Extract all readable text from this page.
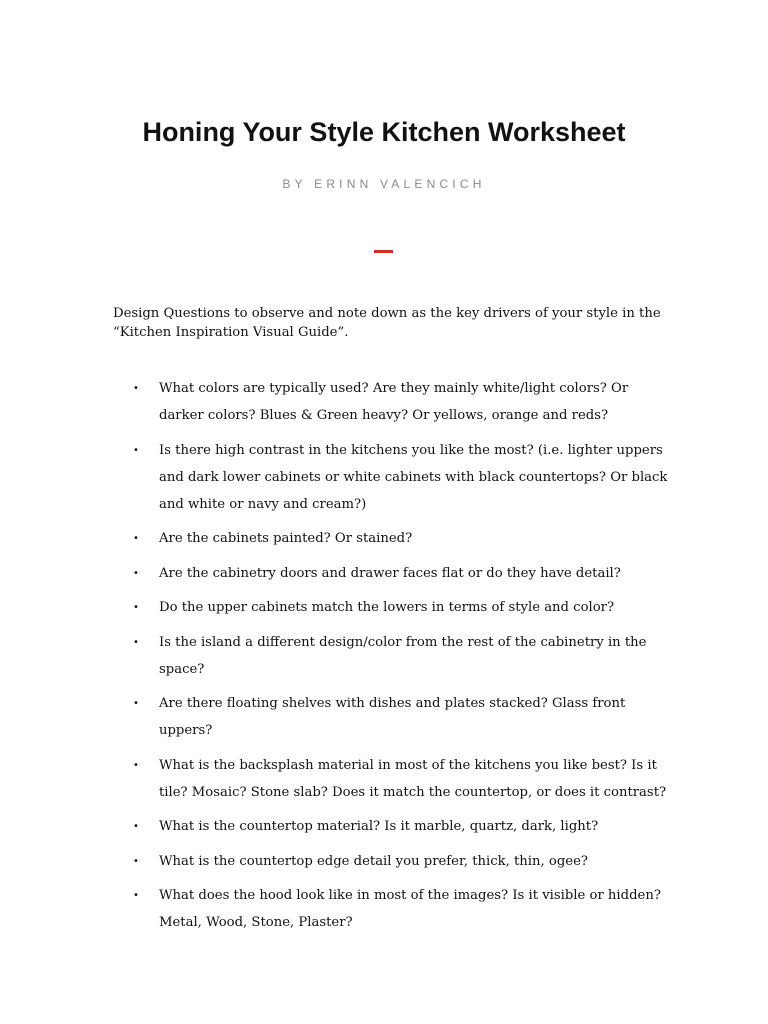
Honing Your Style Kitchen Worksheet
BY ERINN VALENCICH

Design Questions to observe and note down as the key drivers of your style in the “Kitchen Inspiration Visual Guide”.

• What colors are typically used? Are they mainly white/light colors? Or darker colors? Blues & Green heavy? Or yellows, orange and reds?
• Is there high contrast in the kitchens you like the most? (i.e. lighter uppers and dark lower cabinets or white cabinets with black countertops? Or black and white or navy and cream?)
• Are the cabinets painted? Or stained?
• Are the cabinetry doors and drawer faces flat or do they have detail?
• Do the upper cabinets match the lowers in terms of style and color?
• Is the island a different design/color from the rest of the cabinetry in the space?
• Are there floating shelves with dishes and plates stacked? Glass front uppers?
• What is the backsplash material in most of the kitchens you like best? Is it tile? Mosaic? Stone slab? Does it match the countertop, or does it contrast?
• What is the countertop material? Is it marble, quartz, dark, light?
• What is the countertop edge detail you prefer, thick, thin, ogee?
• What does the hood look like in most of the images? Is it visible or hidden? Metal, Wood, Stone, Plaster?
